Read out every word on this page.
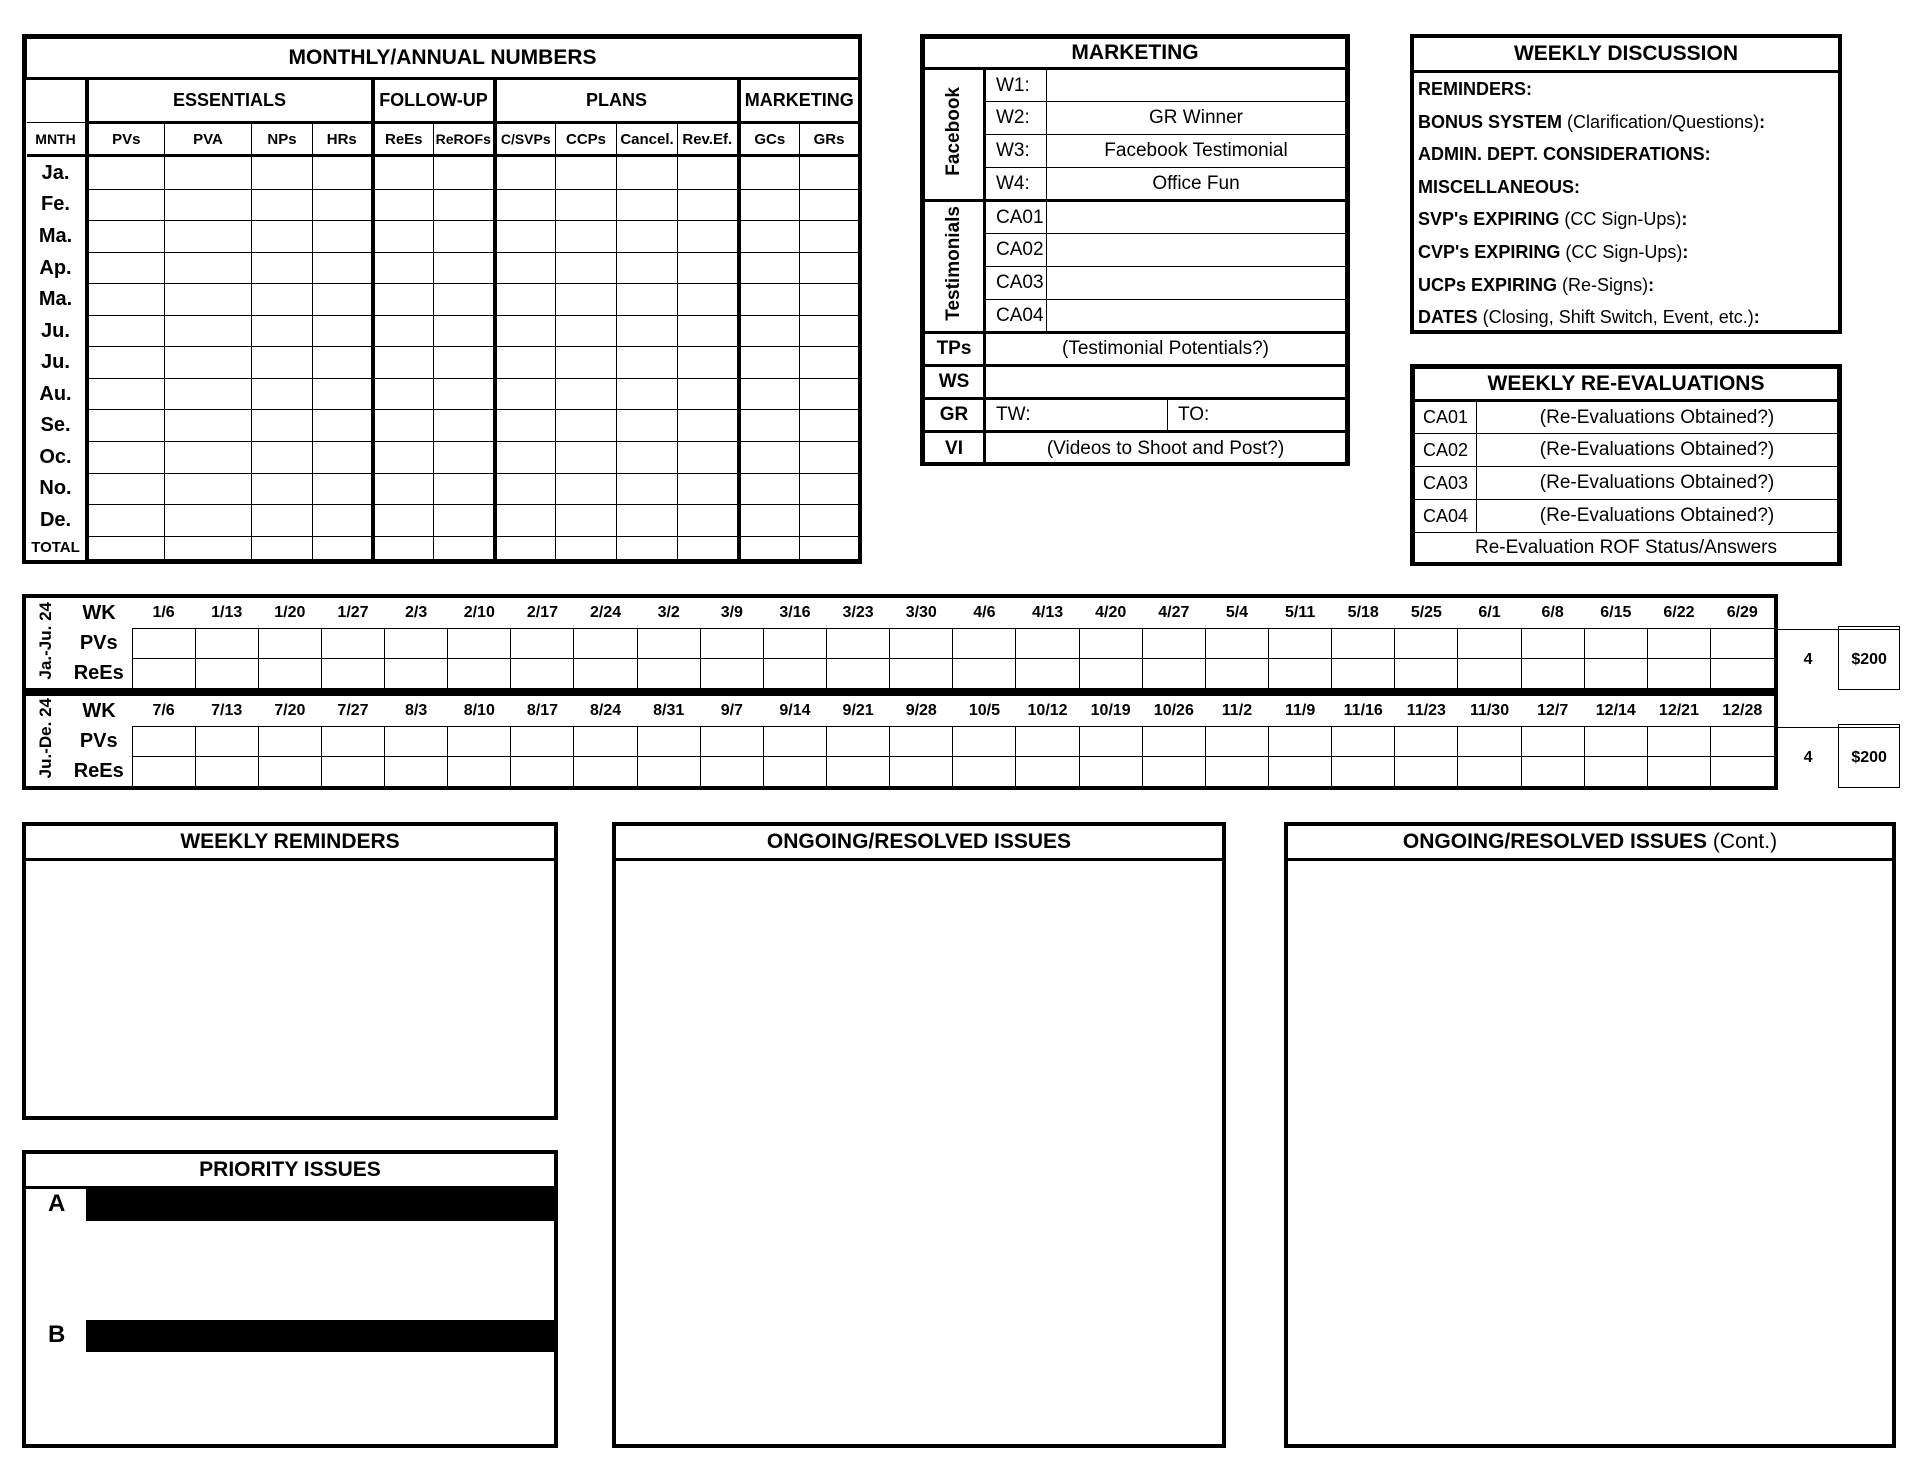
MONTHLY/ANNUAL NUMBERS												
	ESSENTIALS				FOLLOW-UP		PLANS				MARKETING	
MNTH	PVs	PVA	NPs	HRs	ReEs	ReROFs	C/SVPs	CCPs	Cancel.	Rev.Ef.	GCs	GRs
Ja.												
Fe.												
Ma.												
Ap.												
Ma.												
Ju.												
Ju.												
Au.												
Se.												
Oc.												
No.												
De.												
TOTAL												
MARKETING			
Facebook	W1:		
	W2:	GR Winner	
	W3:	Facebook Testimonial	
	W4:	Office Fun	
Testimonials	CA01		
	CA02		
	CA03		
	CA04		
TPs	(Testimonial Potentials?)		
WS			
GR	TW:		TO:
VI	(Videos to Shoot and Post?)		
WEEKLY DISCUSSION
REMINDERS:
BONUS SYSTEM (Clarification/Questions):
ADMIN. DEPT. CONSIDERATIONS:
MISCELLANEOUS:
SVP's EXPIRING (CC Sign-Ups):
CVP's EXPIRING (CC Sign-Ups):
UCPs EXPIRING (Re-Signs):
DATES (Closing, Shift Switch, Event, etc.):
WEEKLY RE-EVALUATIONS	
CA01	(Re-Evaluations Obtained?)
CA02	(Re-Evaluations Obtained?)
CA03	(Re-Evaluations Obtained?)
CA04	(Re-Evaluations Obtained?)
Re-Evaluation ROF Status/Answers	
Ja.-Ju. 24	WK	1/6	1/13	1/20	1/27	2/3	2/10	2/17	2/24	3/2	3/9	3/16	3/23	3/30	4/6	4/13	4/20	4/27	5/4	5/11	5/18	5/25	6/1	6/8	6/15	6/22	6/29
	PVs																										
	ReEs																										

4	$200
Ju.-De. 24	WK	7/6	7/13	7/20	7/27	8/3	8/10	8/17	8/24	8/31	9/7	9/14	9/21	9/28	10/5	10/12	10/19	10/26	11/2	11/9	11/16	11/23	11/30	12/7	12/14	12/21	12/28
	PVs																										
	ReEs																										

4	$200
WEEKLY REMINDERS
PRIORITY ISSUES
A
B
ONGOING/RESOLVED ISSUES	ONGOING/RESOLVED ISSUES (Cont.)
